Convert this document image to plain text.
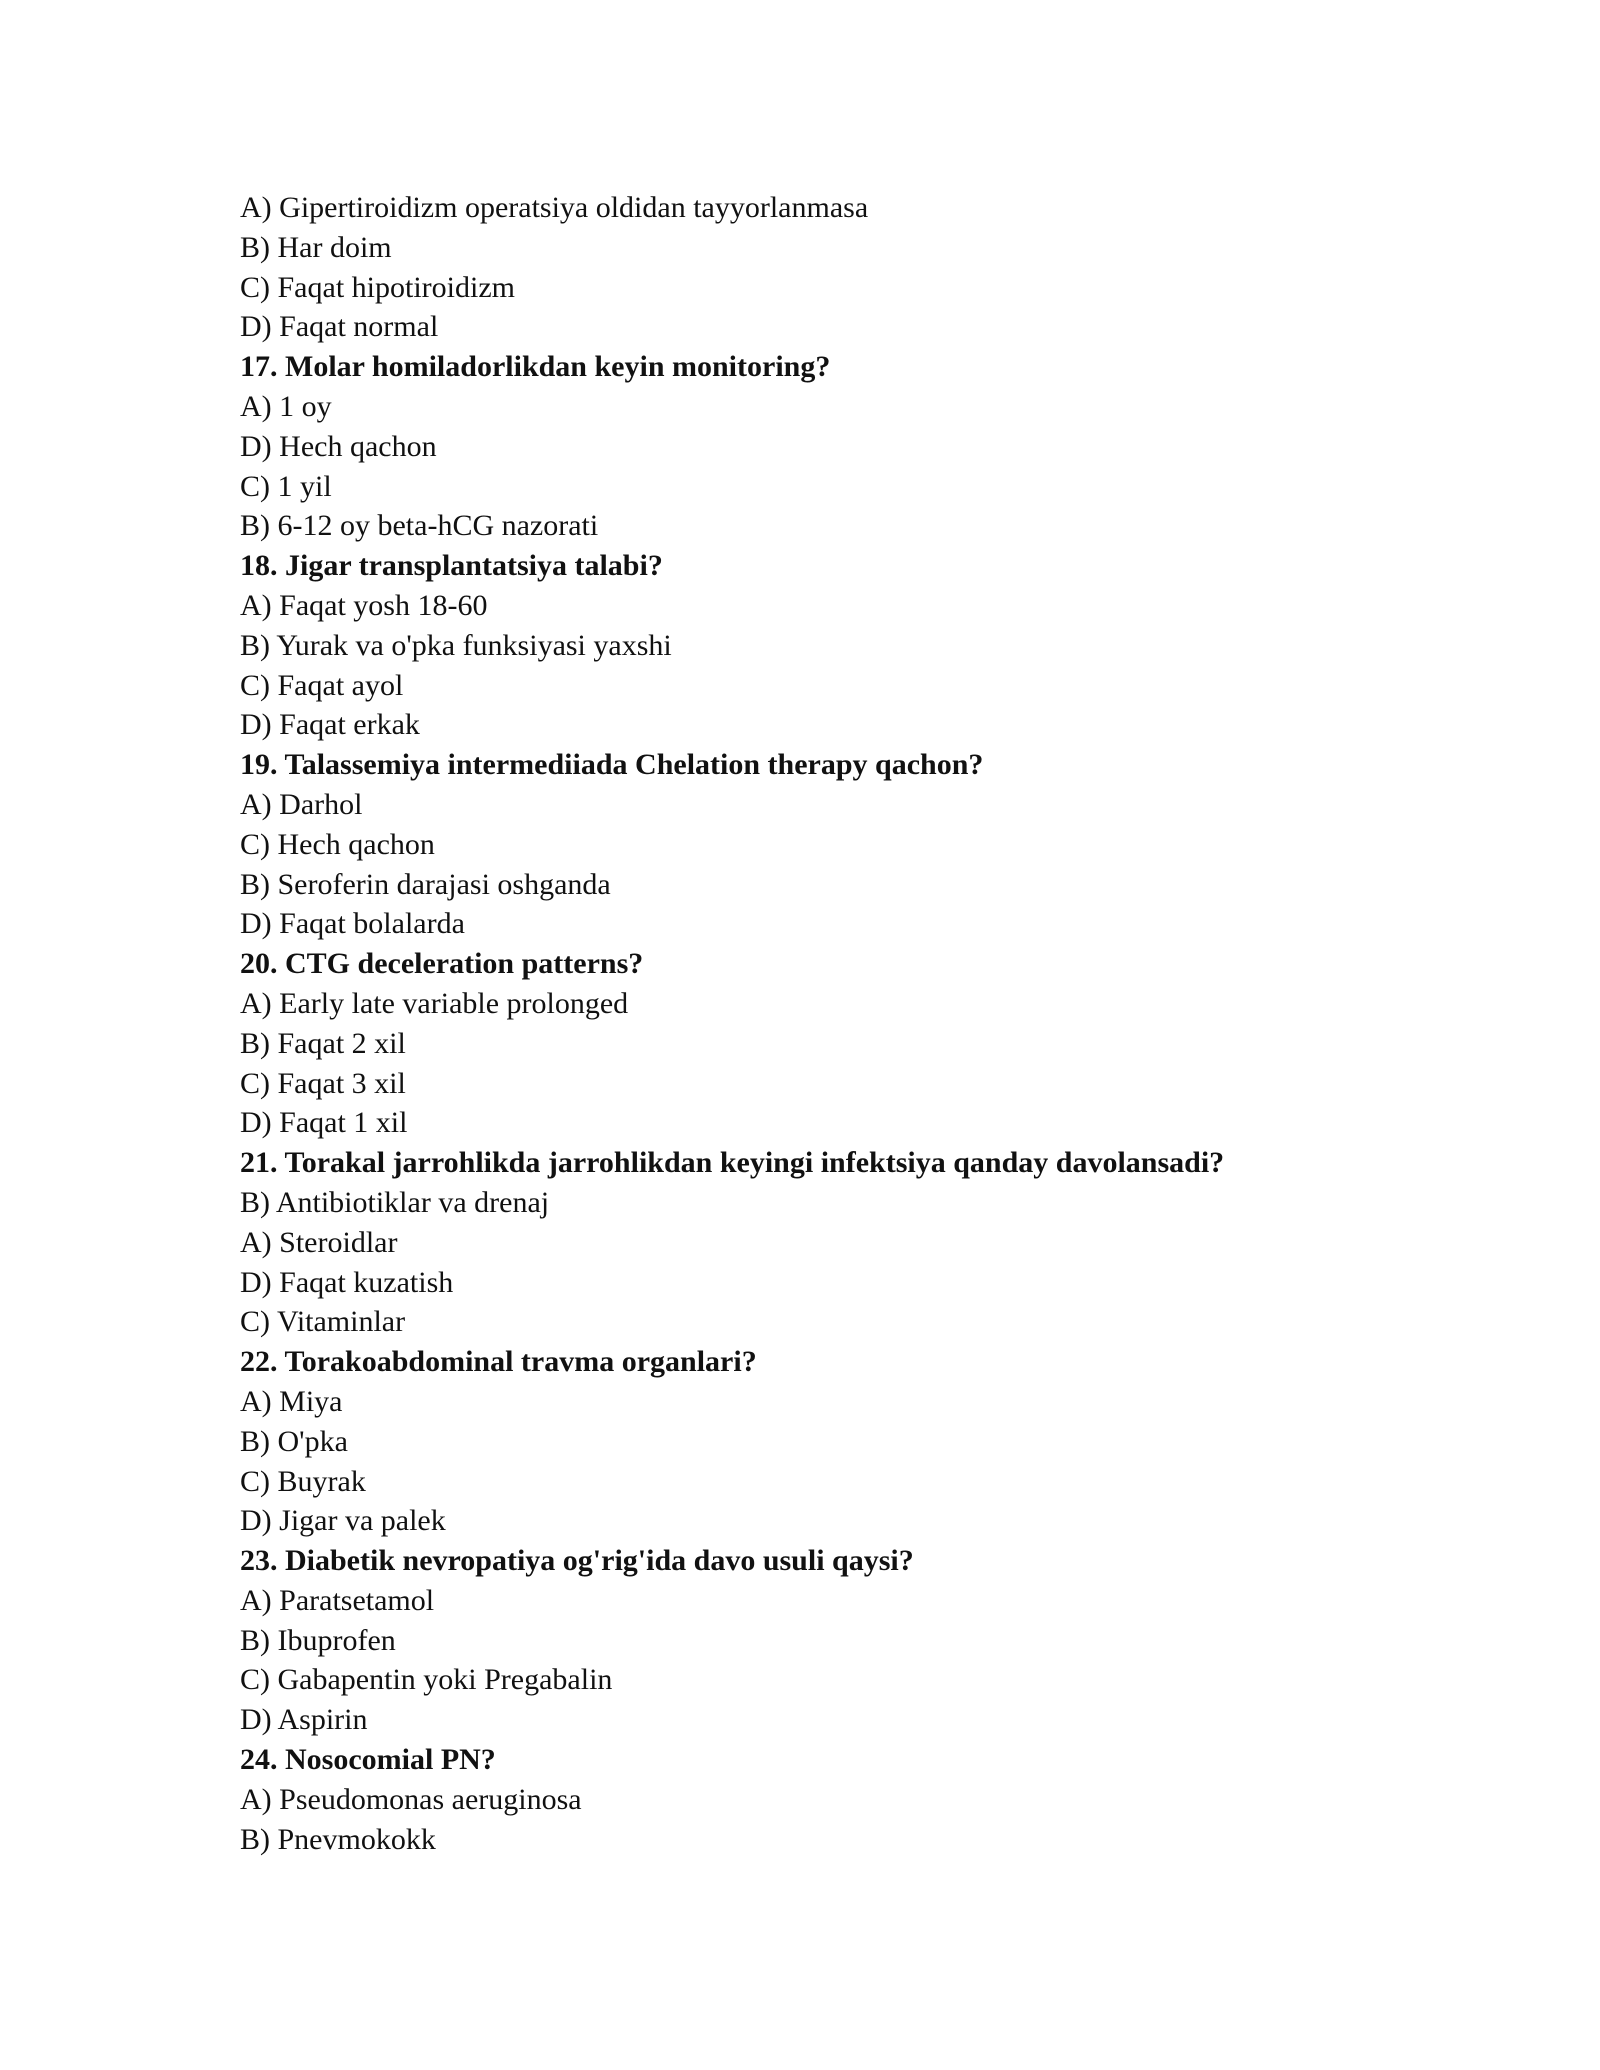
A) Gipertiroidizm operatsiya oldidan tayyorlanmasa
B) Har doim
C) Faqat hipotiroidizm
D) Faqat normal
17. Molar homiladorlikdan keyin monitoring?
A) 1 oy
D) Hech qachon
C) 1 yil
B) 6-12 oy beta-hCG nazorati
18. Jigar transplantatsiya talabi?
A) Faqat yosh 18-60
B) Yurak va o'pka funksiyasi yaxshi
C) Faqat ayol
D) Faqat erkak
19. Talassemiya intermediiada Chelation therapy qachon?
A) Darhol
C) Hech qachon
B) Seroferin darajasi oshganda
D) Faqat bolalarda
20. CTG deceleration patterns?
A) Early late variable prolonged
B) Faqat 2 xil
C) Faqat 3 xil
D) Faqat 1 xil
21. Torakal jarrohlikda jarrohlikdan keyingi infektsiya qanday davolansadi?
B) Antibiotiklar va drenaj
A) Steroidlar
D) Faqat kuzatish
C) Vitaminlar
22. Torakoabdominal travma organlari?
A) Miya
B) O'pka
C) Buyrak
D) Jigar va palek
23. Diabetik nevropatiya og'rig'ida davo usuli qaysi?
A) Paratsetamol
B) Ibuprofen
C) Gabapentin yoki Pregabalin
D) Aspirin
24. Nosocomial PN?
A) Pseudomonas aeruginosa
B) Pnevmokokk
